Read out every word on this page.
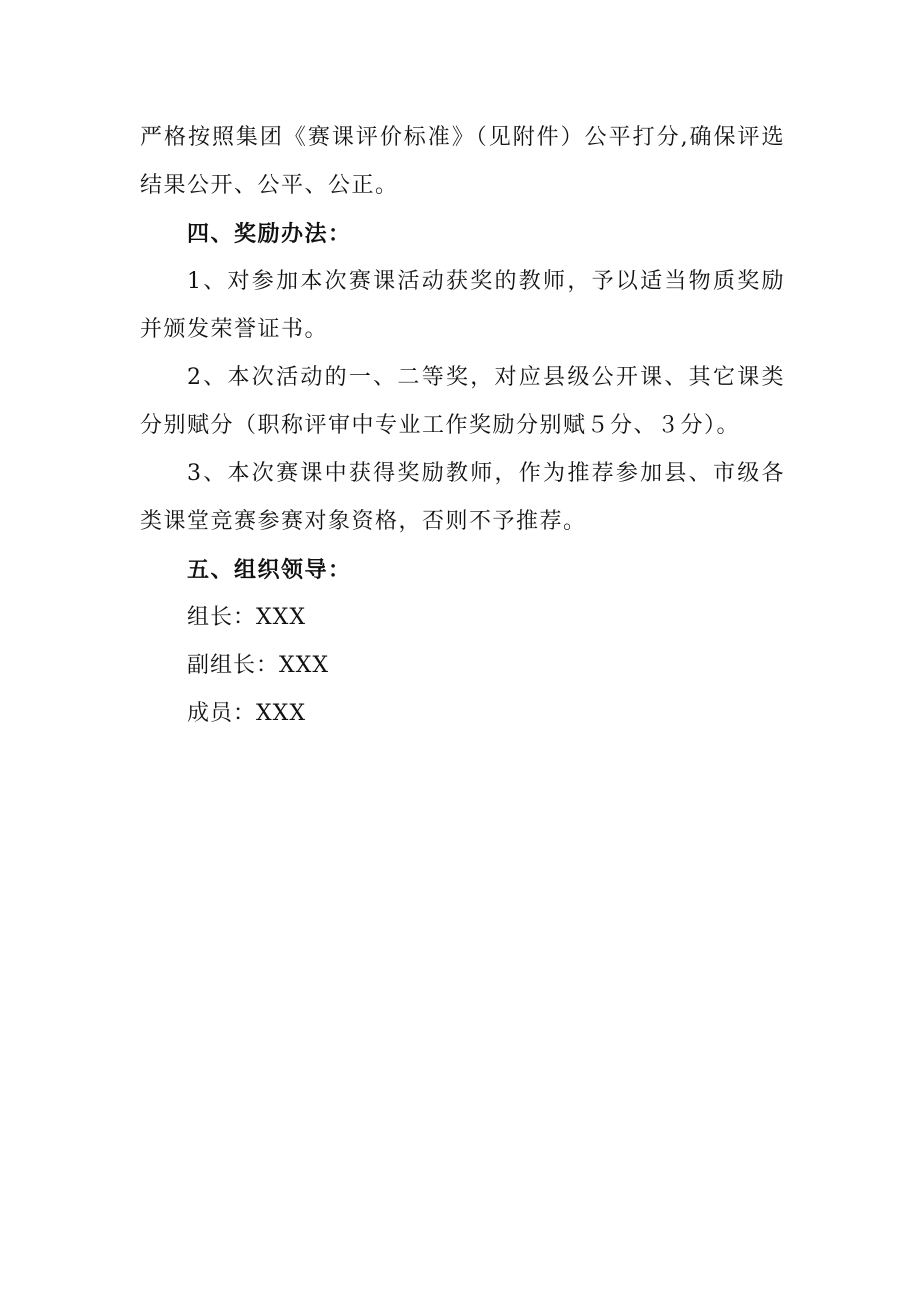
严格按照集团《赛课评价标准》（见附件）公平打分,确保评选结果公开、公平、公正。

四、奖励办法：

1、对参加本次赛课活动获奖的教师，予以适当物质奖励并颁发荣誉证书。

2、本次活动的一、二等奖，对应县级公开课、其它课类分别赋分（职称评审中专业工作奖励分别赋５分、３分）。

3、本次赛课中获得奖励教师，作为推荐参加县、市级各类课堂竞赛参赛对象资格，否则不予推荐。

五、组织领导：

组长：XXX

副组长：XXX

成员：XXX
